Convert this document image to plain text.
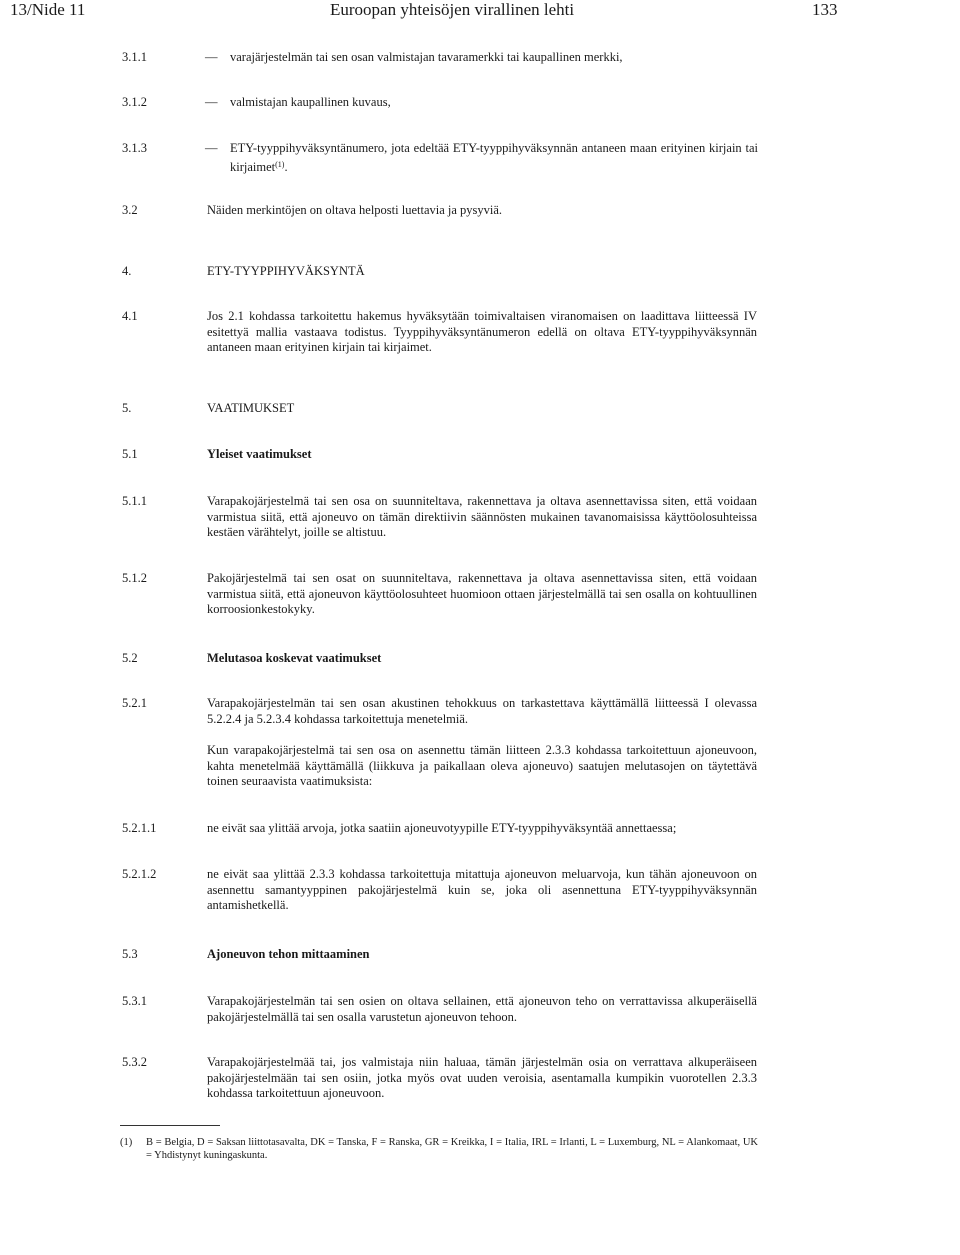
13/Nide 11	Euroopan yhteisöjen virallinen lehti	133
3.1.1	— varajärjestelmän tai sen osan valmistajan tavaramerkki tai kaupallinen merkki,
3.1.2	— valmistajan kaupallinen kuvaus,
3.1.3	— ETY-tyyppihyväksyntänumero, jota edeltää ETY-tyyppihyväksynnän antaneen maan erityinen kirjain tai kirjaimet$^{(1)}$.
3.2	Näiden merkintöjen on oltava helposti luettavia ja pysyviä.
4.	ETY-TYYPPIHYVÄKSYNTÄ
4.1	Jos 2.1 kohdassa tarkoitettu hakemus hyväksytään toimivaltaisen viranomaisen on laadittava liitteessä IV esitettyä mallia vastaava todistus. Tyyppihyväksyntänumeron edellä on oltava ETY-tyyppihyväksynnän antaneen maan erityinen kirjain tai kirjaimet.
5.	VAATIMUKSET
5.1	Yleiset vaatimukset
5.1.1	Varapakojärjestelmä tai sen osa on suunniteltava, rakennettava ja oltava asennettavissa siten, että voidaan varmistua siitä, että ajoneuvo on tämän direktiivin säännösten mukainen tavanomaisissa käyttöolosuhteissa kestäen värähtelyt, joille se altistuu.
5.1.2	Pakojärjestelmä tai sen osat on suunniteltava, rakennettava ja oltava asennettavissa siten, että voidaan varmistua siitä, että ajoneuvon käyttöolosuhteet huomioon ottaen järjestelmällä tai sen osalla on kohtuullinen korroosionkestokyky.
5.2	Melutasoa koskevat vaatimukset
5.2.1	Varapakojärjestelmän tai sen osan akustinen tehokkuus on tarkastettava käyttämällä liitteessä I olevassa 5.2.2.4 ja 5.2.3.4 kohdassa tarkoitettuja menetelmiä.
Kun varapakojärjestelmä tai sen osa on asennettu tämän liitteen 2.3.3 kohdassa tarkoitettuun ajoneuvoon, kahta menetelmää käyttämällä (liikkuva ja paikallaan oleva ajoneuvo) saatujen melutasojen on täytettävä toinen seuraavista vaatimuksista:
5.2.1.1	ne eivät saa ylittää arvoja, jotka saatiin ajoneuvotyypille ETY-tyyppihyväksyntää annettaessa;
5.2.1.2	ne eivät saa ylittää 2.3.3 kohdassa tarkoitettuja mitattuja ajoneuvon meluarvoja, kun tähän ajoneuvoon on asennettu samantyyppinen pakojärjestelmä kuin se, joka oli asennettuna ETY-tyyppihyväksynnän antamishetkellä.
5.3	Ajoneuvon tehon mittaaminen
5.3.1	Varapakojärjestelmän tai sen osien on oltava sellainen, että ajoneuvon teho on verrattavissa alkuperäisellä pakojärjestelmällä tai sen osalla varustetun ajoneuvon tehoon.
5.3.2	Varapakojärjestelmää tai, jos valmistaja niin haluaa, tämän järjestelmän osia on verrattava alkuperäiseen pakojärjestelmään tai sen osiin, jotka myös ovat uuden veroisia, asentamalla kumpikin vuorotellen 2.3.3 kohdassa tarkoitettuun ajoneuvoon.
(1) B = Belgia, D = Saksan liittotasavalta, DK = Tanska, F = Ranska, GR = Kreikka, I = Italia, IRL = Irlanti, L = Luxemburg, NL = Alankomaat, UK = Yhdistynyt kuningaskunta.
